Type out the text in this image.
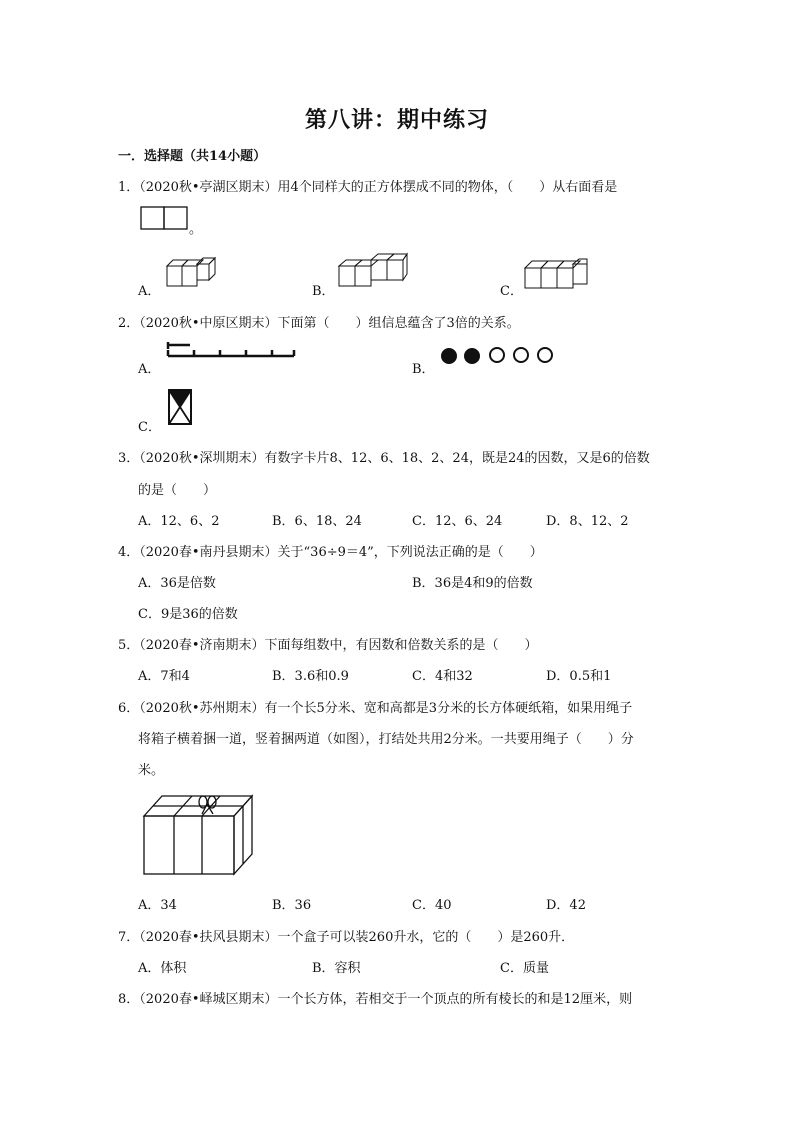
第八讲：期中练习
一．选择题（共14小题）
1．（2020秋•亭湖区期末）用4个同样大的正方体摆成不同的物体，（　　）从右面看是
。
A．	B．	C．
2．（2020秋•中原区期末）下面第（　　）组信息蕴含了3倍的关系。
A．	B．
C．
3．（2020秋•深圳期末）有数字卡片8、12、6、18、2、24，既是24的因数，又是6的倍数
的是（　　）
A．12、6、2	B．6、18、24	C．12、6、24	D．8、12、2
4．（2020春•南丹县期末）关于“36÷9＝4”，下列说法正确的是（　　）
A．36是倍数	B．36是4和9的倍数
C．9是36的倍数
5．（2020春•济南期末）下面每组数中，有因数和倍数关系的是（　　）
A．7和4	B．3.6和0.9	C．4和32	D．0.5和1
6．（2020秋•苏州期末）有一个长5分米、宽和高都是3分米的长方体硬纸箱，如果用绳子
将箱子横着捆一道，竖着捆两道（如图），打结处共用2分米。一共要用绳子（　　）分
米。
A．34	B．36	C．40	D．42
7．（2020春•扶风县期末）一个盒子可以装260升水，它的（　　）是260升．
A．体积	B．容积	C．质量
8．（2020春•峄城区期末）一个长方体，若相交于一个顶点的所有棱长的和是12厘米，则
